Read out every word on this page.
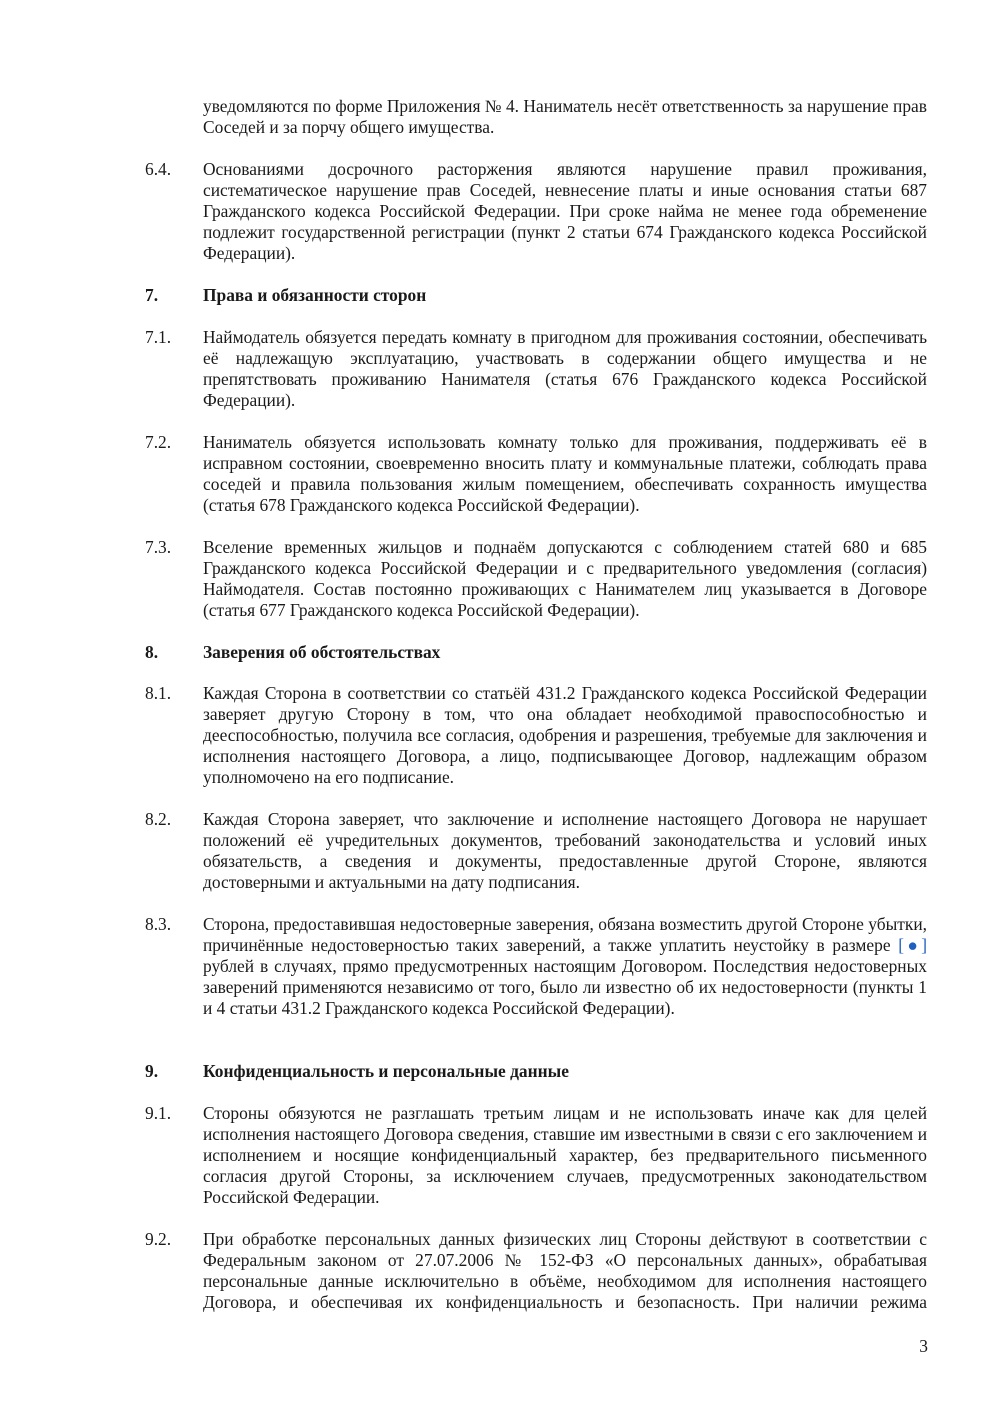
уведомляются по форме Приложения № 4. Наниматель несёт ответственность за нарушение прав Соседей и за порчу общего имущества.
6.4.	Основаниями досрочного расторжения являются нарушение правил проживания, систематическое нарушение прав Соседей, невнесение платы и иные основания статьи 687 Гражданского кодекса Российской Федерации. При сроке найма не менее года обременение подлежит государственной регистрации (пункт 2 статьи 674 Гражданского кодекса Российской Федерации).
7.	Права и обязанности сторон
7.1.	Наймодатель обязуется передать комнату в пригодном для проживания состоянии, обеспечивать её надлежащую эксплуатацию, участвовать в содержании общего имущества и не препятствовать проживанию Нанимателя (статья 676 Гражданского кодекса Российской Федерации).
7.2.	Наниматель обязуется использовать комнату только для проживания, поддерживать её в исправном состоянии, своевременно вносить плату и коммунальные платежи, соблюдать права соседей и правила пользования жилым помещением, обеспечивать сохранность имущества (статья 678 Гражданского кодекса Российской Федерации).
7.3.	Вселение временных жильцов и поднаём допускаются с соблюдением статей 680 и 685 Гражданского кодекса Российской Федерации и с предварительного уведомления (согласия) Наймодателя. Состав постоянно проживающих с Нанимателем лиц указывается в Договоре (статья 677 Гражданского кодекса Российской Федерации).
8.	Заверения об обстоятельствах
8.1.	Каждая Сторона в соответствии со статьёй 431.2 Гражданского кодекса Российской Федерации заверяет другую Сторону в том, что она обладает необходимой правоспособностью и дееспособностью, получила все согласия, одобрения и разрешения, требуемые для заключения и исполнения настоящего Договора, а лицо, подписывающее Договор, надлежащим образом уполномочено на его подписание.
8.2.	Каждая Сторона заверяет, что заключение и исполнение настоящего Договора не нарушает положений её учредительных документов, требований законодательства и условий иных обязательств, а сведения и документы, предоставленные другой Стороне, являются достоверными и актуальными на дату подписания.
8.3.	Сторона, предоставившая недостоверные заверения, обязана возместить другой Стороне убытки, причинённые недостоверностью таких заверений, а также уплатить неустойку в размере [●] рублей в случаях, прямо предусмотренных настоящим Договором. Последствия недостоверных заверений применяются независимо от того, было ли известно об их недостоверности (пункты 1 и 4 статьи 431.2 Гражданского кодекса Российской Федерации).
9.	Конфиденциальность и персональные данные
9.1.	Стороны обязуются не разглашать третьим лицам и не использовать иначе как для целей исполнения настоящего Договора сведения, ставшие им известными в связи с его заключением и исполнением и носящие конфиденциальный характер, без предварительного письменного согласия другой Стороны, за исключением случаев, предусмотренных законодательством Российской Федерации.
9.2.	При обработке персональных данных физических лиц Стороны действуют в соответствии с Федеральным законом от 27.07.2006 № 152-ФЗ «О персональных данных», обрабатывая персональные данные исключительно в объёме, необходимом для исполнения настоящего Договора, и обеспечивая их конфиденциальность и безопасность. При наличии режима
3
